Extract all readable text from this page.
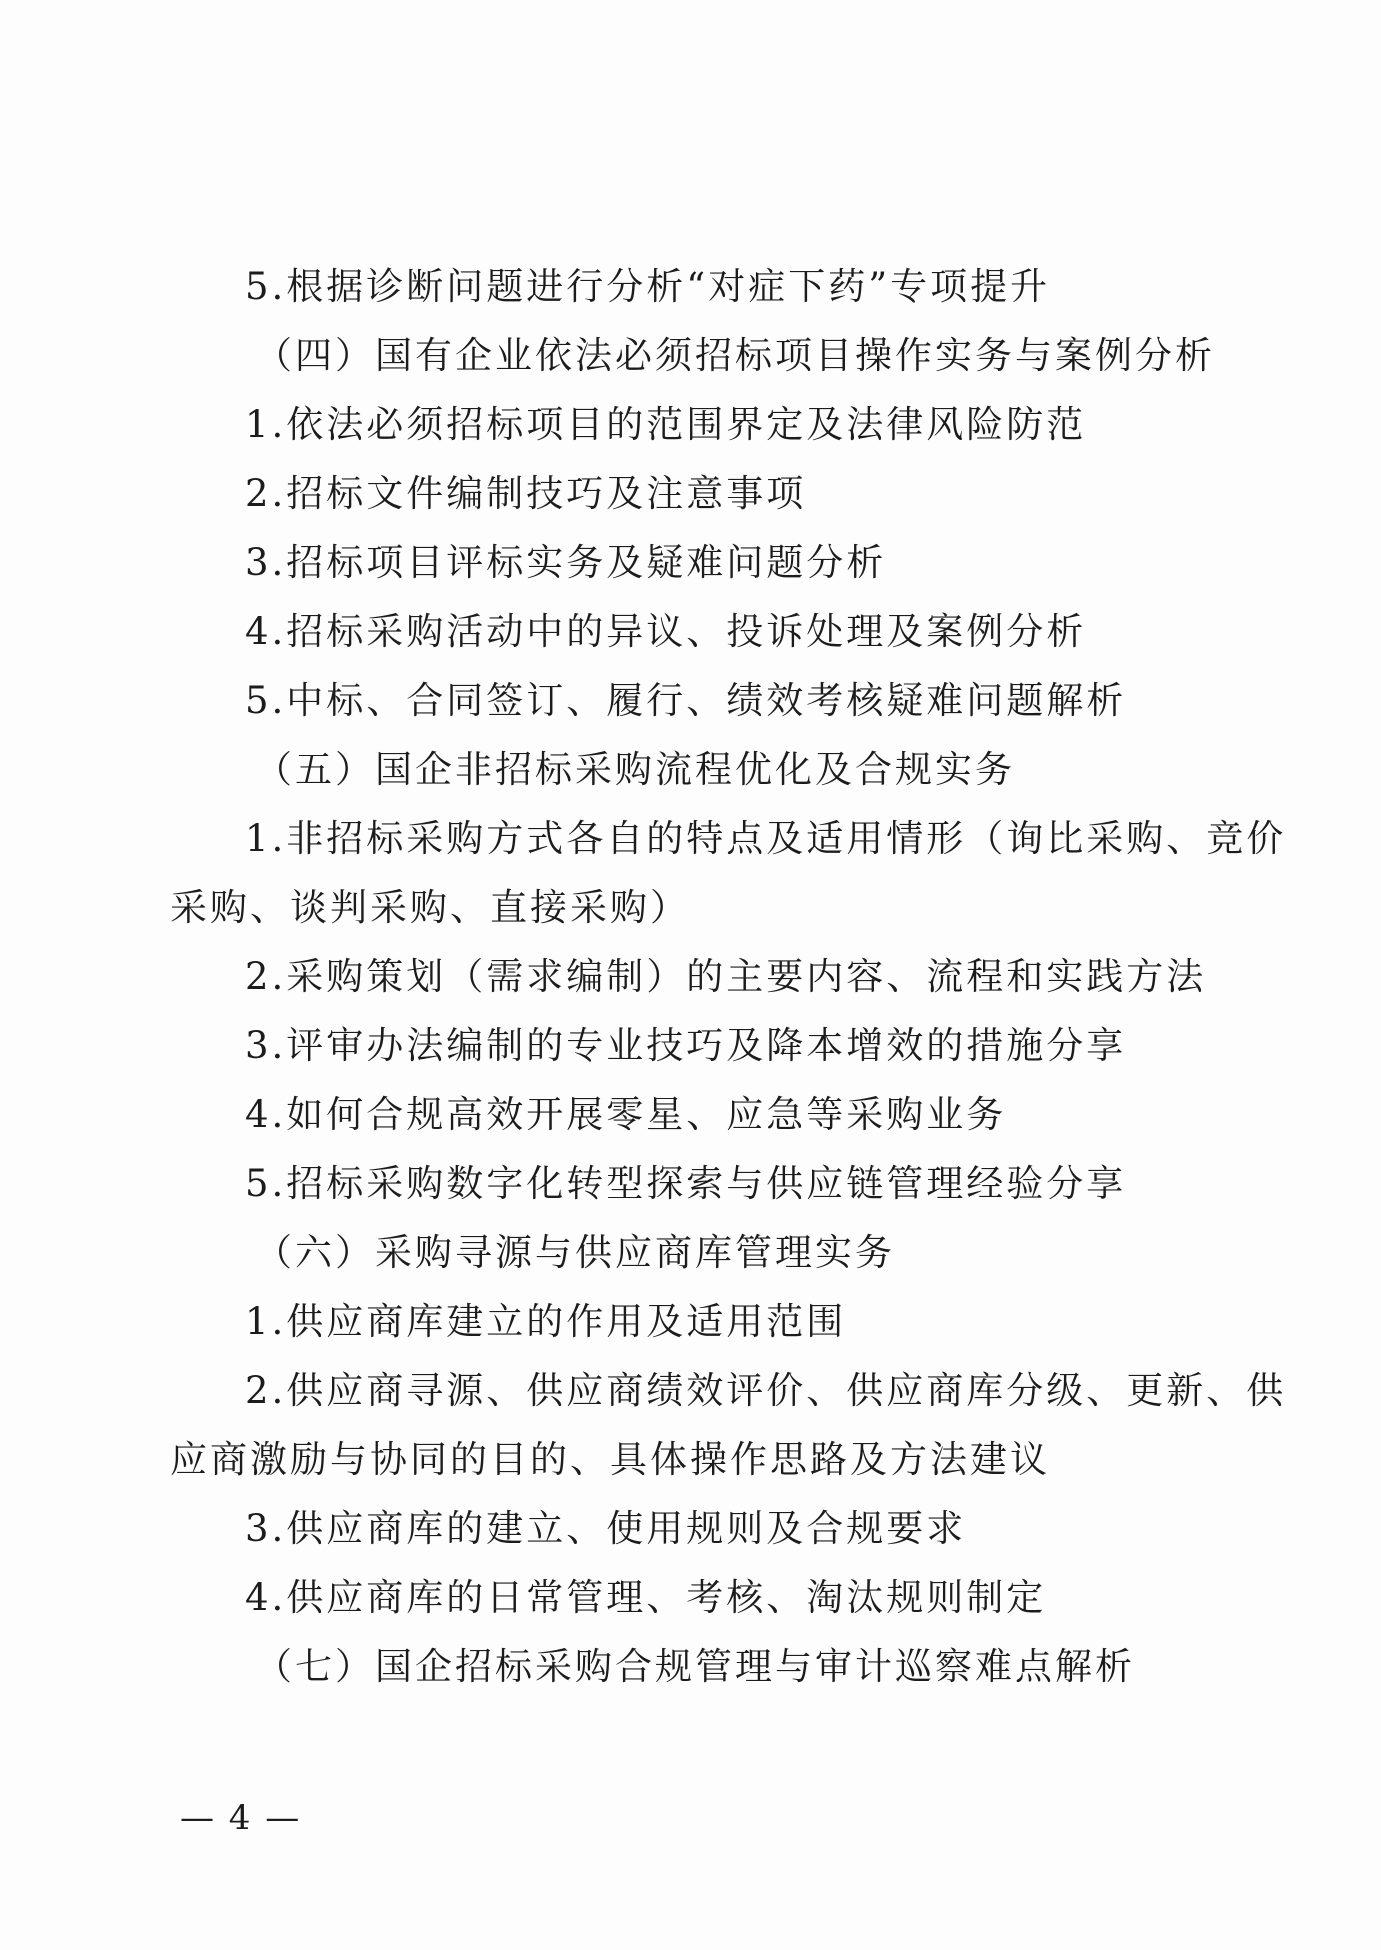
5.根据诊断问题进行分析“对症下药”专项提升
（四）国有企业依法必须招标项目操作实务与案例分析
1.依法必须招标项目的范围界定及法律风险防范
2.招标文件编制技巧及注意事项
3.招标项目评标实务及疑难问题分析
4.招标采购活动中的异议、投诉处理及案例分析
5.中标、合同签订、履行、绩效考核疑难问题解析
（五）国企非招标采购流程优化及合规实务
1.非招标采购方式各自的特点及适用情形（询比采购、竞价
采购、谈判采购、直接采购）
2.采购策划（需求编制）的主要内容、流程和实践方法
3.评审办法编制的专业技巧及降本增效的措施分享
4.如何合规高效开展零星、应急等采购业务
5.招标采购数字化转型探索与供应链管理经验分享
（六）采购寻源与供应商库管理实务
1.供应商库建立的作用及适用范围
2.供应商寻源、供应商绩效评价、供应商库分级、更新、供
应商激励与协同的目的、具体操作思路及方法建议
3.供应商库的建立、使用规则及合规要求
4.供应商库的日常管理、考核、淘汰规则制定
（七）国企招标采购合规管理与审计巡察难点解析
— 4 —
